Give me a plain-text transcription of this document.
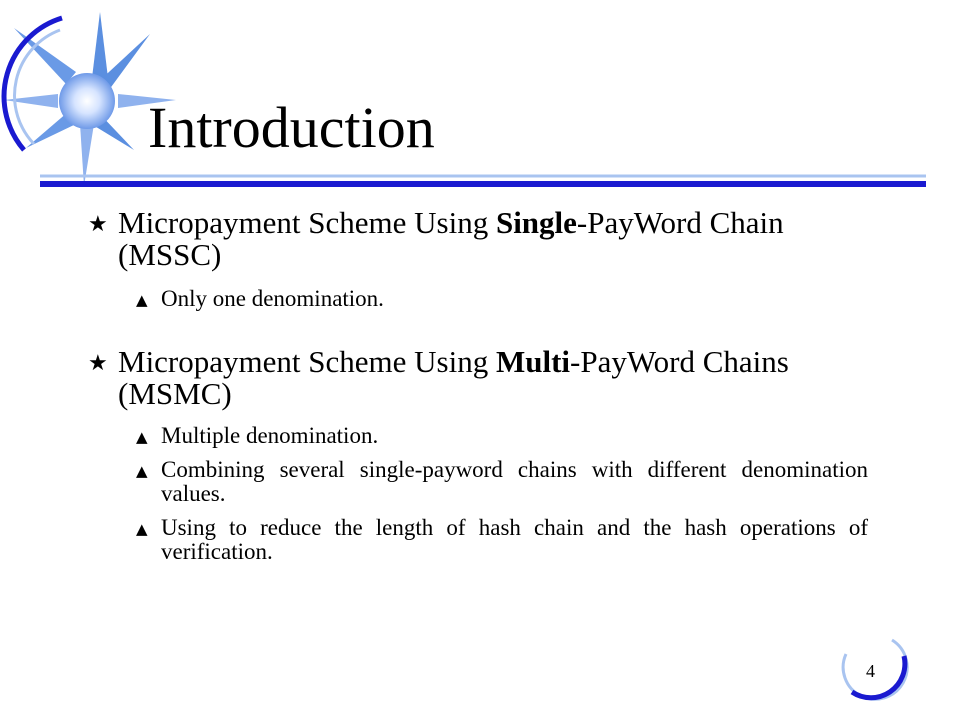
Introduction
★ Micropayment Scheme Using Single-PayWord Chain (MSSC)
▲ Only one denomination.
★ Micropayment Scheme Using Multi-PayWord Chains (MSMC)
▲ Multiple denomination.
▲ Combining several single-payword chains with different denomination values.
▲ Using to reduce the length of hash chain and the hash operations of verification.
4
